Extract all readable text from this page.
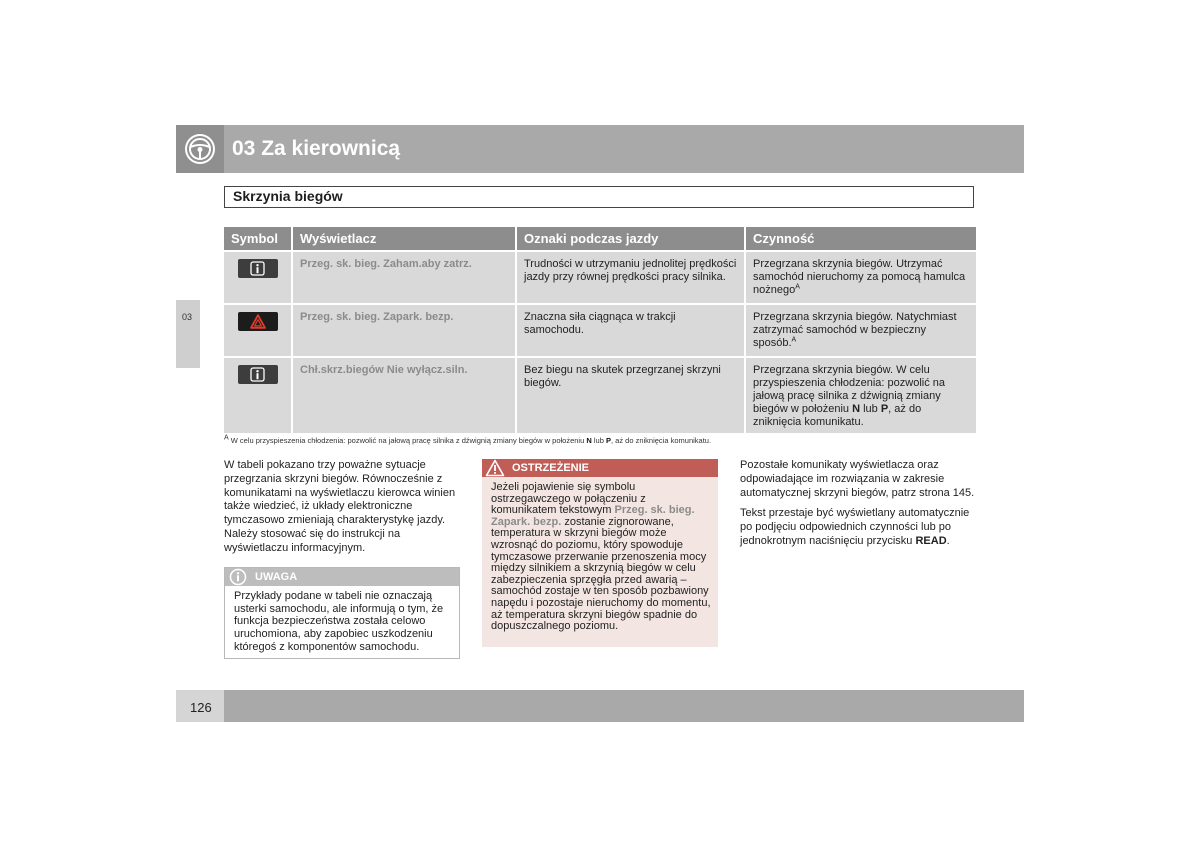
03 Za kierownicą
Skrzynia biegów
03
Symbol	Wyświetlacz	Oznaki podczas jazdy	Czynność

	Przeg. sk. bieg. Zaham.aby zatrz.	Trudności w utrzymaniu jednolitej prędkości jazdy przy równej prędkości pracy silnika.	Przegrzana skrzynia biegów. Utrzymać samochód nieruchomy za pomocą hamulca nożnego$^A$

	Przeg. sk. bieg. Zapark. bezp.	Znaczna siła ciągnąca w trakcji samochodu.	Przegrzana skrzynia biegów. Natychmiast zatrzymać samochód w bezpieczny sposób.$^A$

	Chł.skrz.biegów Nie wyłącz.siln.	Bez biegu na skutek przegrzanej skrzyni biegów.	Przegrzana skrzynia biegów. W celu przyspieszenia chłodzenia: pozwolić na jałową pracę silnika z dźwignią zmiany biegów w położeniu N lub P, aż do zniknięcia komunikatu.
$^A$ W celu przyspieszenia chłodzenia: pozwolić na jałową pracę silnika z dźwignią zmiany biegów w położeniu N lub P, aż do zniknięcia komunikatu.

W tabeli pokazano trzy poważne sytuacje przegrzania skrzyni biegów. Równocześnie z komunikatami na wyświetlaczu kierowca winien także wiedzieć, iż układy elektroniczne tymczasowo zmieniają charakterystykę jazdy. Należy stosować się do instrukcji na wyświetlaczu informacyjnym.

UWAGA
Przykłady podane w tabeli nie oznaczają usterki samochodu, ale informują o tym, że funkcja bezpieczeństwa została celowo uruchomiona, aby zapobiec uszkodzeniu któregoś z komponentów samochodu.
OSTRZEŻENIE
Jeżeli pojawienie się symbolu ostrzegawczego w połączeniu z komunikatem tekstowym Przeg. sk. bieg. Zapark. bezp. zostanie zignorowane, temperatura w skrzyni biegów może wzrosnąć do poziomu, który spowoduje tymczasowe przerwanie przenoszenia mocy między silnikiem a skrzynią biegów w celu zabezpieczenia sprzęgła przed awarią – samochód zostaje w ten sposób pozbawiony napędu i pozostaje nieruchomy do momentu, aż temperatura skrzyni biegów spadnie do dopuszczalnego poziomu.

Pozostałe komunikaty wyświetlacza oraz odpowiadające im rozwiązania w zakresie automatycznej skrzyni biegów, patrz strona 145.

Tekst przestaje być wyświetlany automatycznie po podjęciu odpowiednich czynności lub po jednokrotnym naciśnięciu przycisku READ.

126
